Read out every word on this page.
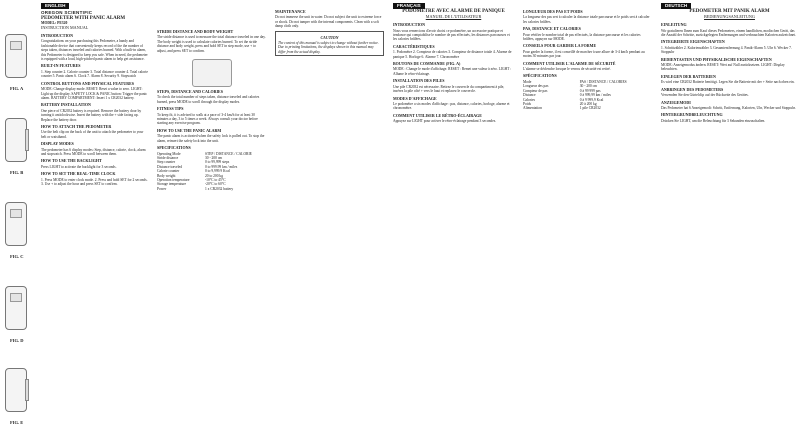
FIG. A
FIG. B
FIG. C
FIG. D
FIG. E
ENGLISH
OREGON SCIENTIFIC
PEDOMETER WITH PANIC ALARM
MODEL: PE320
INSTRUCTION MANUAL
INTRODUCTION
Congratulations on your purchasing this Pedometer, a handy and fashionable device that conveniently keeps record of the the number of steps taken, distances traveled and calories burned. With a built-in alarm, this Pedometer is designed to keep you safe. When in need, the pedometer is equipped with a loud, high-pitched panic alarm to help get assistance.
BUILT-IN FEATURES
1. Step counter 2. Calorie counter 3. Total distance counter 4. Total calorie counter 5. Panic alarm 6. Clock 7. Alarm 8. Security 9. Stopwatch
CONTROL BUTTONS AND PHYSICAL FEATURES
MODE: Change display mode. RESET: Reset a value to zero. LIGHT: Light up the display. SAFETY LOCK & PANIC button: Trigger the panic alarm. BATTERY COMPARTMENT: Insert 1 x CR2032 battery.
BATTERY INSTALLATION
One piece of CR2032 battery is required. Remove the battery door by turning it anticlockwise. Insert the battery with the + side facing up. Replace the battery door.
HOW TO ATTACH THE PEDOMETER
Use the belt clip on the back of the unit to attach the pedometer to your belt or waistband.
DISPLAY MODES
The pedometer has 6 display modes: Step, distance, calorie, clock, alarm and stopwatch. Press MODE to scroll between them.
HOW TO USE THE BACKLIGHT
Press LIGHT to activate the backlight for 3 seconds.
HOW TO SET THE REAL-TIME CLOCK
1. Press MODE to enter clock mode. 2. Press and hold SET for 2 seconds. 3. Use + to adjust the hour and press SET to confirm.
STRIDE DISTANCE AND BODY WEIGHT
The stride distance is used to measure the total distance traveled in one day. The body weight is used to calculate calories burned. To set the stride distance and body weight, press and hold SET in step mode, use + to adjust, and press SET to confirm.
STEPS, DISTANCE AND CALORIES
To check the total number of steps taken, distance traveled and calories burned, press MODE to scroll through the display modes.
FITNESS TIPS
To keep fit, it is advised to walk at a pace of 3-4 km/h for at least 30 minutes a day, 3 to 5 times a week. Always consult your doctor before starting any exercise program.
HOW TO USE THE PANIC ALARM
The panic alarm is activated when the safety lock is pulled out. To stop the alarm, reinsert the safety lock into the unit.
SPECIFICATIONS
Operating Mode	STEP / DISTANCE / CALORIE
Stride distance	30 - 200 cm
Step counter	0 to 99,999 steps
Distance traveled	0 to 999.99 km / miles
Calorie counter	0 to 9,999.9 Kcal
Body weight	20 to 200 kg
Operation temperature	-10°C to 45°C
Storage temperature	-20°C to 60°C
Power	1 x CR2032 battery
MAINTENANCE
Do not immerse the unit in water. Do not subject the unit to extreme force or shock. Do not tamper with the internal components. Clean with a soft damp cloth only.
CAUTION
The content of this manual is subject to change without further notice. Due to printing limitations, the displays shown in this manual may differ from the actual display.
FRANÇAIS
PODOMÈTRE AVEC ALARME DE PANIQUE
MANUEL DE L'UTILISATEUR
INTRODUCTION
Nous vous remercions d'avoir choisi ce podomètre, un accessoire pratique et tendance qui comptabilise le nombre de pas effectués, les distances parcourues et les calories brûlées.
CARACTÉRISTIQUES
1. Podomètre 2. Compteur de calories 3. Compteur de distance totale 4. Alarme de panique 5. Horloge 6. Alarme 7. Chronomètre
BOUTONS DE COMMANDE (FIG. A)
MODE : Change le mode d'affichage. RESET : Remet une valeur à zéro. LIGHT : Allume le rétro-éclairage.
INSTALLATION DES PILES
Une pile CR2032 est nécessaire. Retirez le couvercle du compartiment à pile, insérez la pile côté + vers le haut et replacez le couvercle.
MODES D'AFFICHAGE
Le podomètre a six modes d'affichage : pas, distance, calories, horloge, alarme et chronomètre.
COMMENT UTILISER LE RÉTRO-ÉCLAIRAGE
Appuyez sur LIGHT pour activer le rétro-éclairage pendant 3 secondes.
LONGUEUR DES PAS ET POIDS
La longueur des pas sert à calculer la distance totale parcourue et le poids sert à calculer les calories brûlées.
PAS, DISTANCE ET CALORIES
Pour vérifier le nombre total de pas effectués, la distance parcourue et les calories brûlées, appuyez sur MODE.
CONSEILS POUR GARDER LA FORME
Pour garder la forme, il est conseillé de marcher à une allure de 3-4 km/h pendant au moins 30 minutes par jour.
COMMENT UTILISER L'ALARME DE SÉCURITÉ
L'alarme se déclenche lorsque le verrou de sécurité est retiré.
SPÉCIFICATIONS
Mode	PAS / DISTANCE / CALORIES
Longueur des pas	30 - 200 cm
Compteur de pas	0 à 99 999 pas
Distance	0 à 999,99 km / miles
Calories	0 à 9 999,9 Kcal
Poids	20 à 200 kg
Alimentation	1 pile CR2032
DEUTSCH
PEDOMETER MIT PANIK ALARM
BEDIENUNGSANLEITUNG
EINLEITUNG
Wir gratulieren Ihnen zum Kauf dieses Pedometers, einem handlichen, modischen Gerät, das die Anzahl der Schritte, zurückgelegten Entfernungen und verbrauchten Kalorien aufzeichnet.
INTEGRIERTE EIGENSCHAFTEN
1. Schrittzähler 2. Kalorienzähler 3. Gesamtentfernung 4. Panik-Alarm 5. Uhr 6. Wecker 7. Stoppuhr
BEDIENTASTEN UND PHYSIKALISCHE EIGENSCHAFTEN
MODE: Anzeigemodus ändern. RESET: Wert auf Null zurücksetzen. LIGHT: Display beleuchten.
EINLEGEN DER BATTERIEN
Es wird eine CR2032 Batterie benötigt. Legen Sie die Batterie mit der + Seite nach oben ein.
ANBRINGEN DES PEDOMETERS
Verwenden Sie den Gürtelclip auf der Rückseite des Gerätes.
ANZEIGEMODI
Das Pedometer hat 6 Anzeigemodi: Schritt, Entfernung, Kalorien, Uhr, Wecker und Stoppuhr.
HINTERGRUNDBELEUCHTUNG
Drücken Sie LIGHT, um die Beleuchtung für 3 Sekunden einzuschalten.
